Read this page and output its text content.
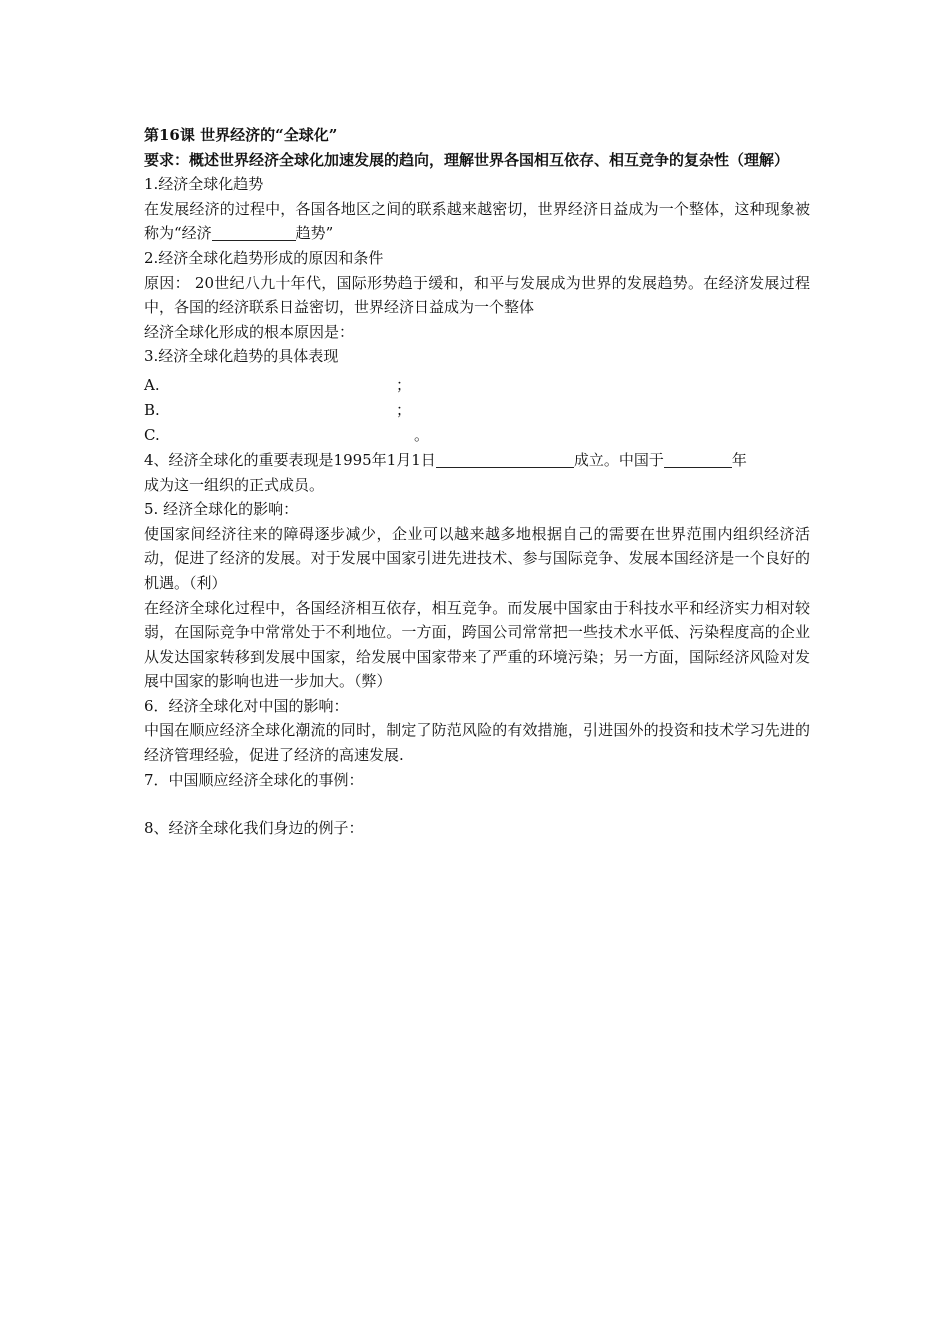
第16课 世界经济的“全球化”
要求：概述世界经济全球化加速发展的趋向，理解世界各国相互依存、相互竞争的复杂性（理解）
1.经济全球化趋势
在发展经济的过程中，各国各地区之间的联系越来越密切，世界经济日益成为一个整体，这种现象被称为“经济	趋势”
2.经济全球化趋势形成的原因和条件
原因： 20世纪八九十年代，国际形势趋于缓和，和平与发展成为世界的发展趋势。在经济发展过程中，各国的经济联系日益密切，世界经济日益成为一个整体
经济全球化形成的根本原因是：
3.经济全球化趋势的具体表现
A.	；
B.	；
C.	。
4、经济全球化的重要表现是1995年1月1日	成立。中国于	年
成为这一组织的正式成员。
5. 经济全球化的影响：
使国家间经济往来的障碍逐步减少，企业可以越来越多地根据自己的需要在世界范围内组织经济活动，促进了经济的发展。对于发展中国家引进先进技术、参与国际竞争、发展本国经济是一个良好的机遇。（利）
在经济全球化过程中，各国经济相互依存，相互竞争。而发展中国家由于科技水平和经济实力相对较弱，在国际竞争中常常处于不利地位。一方面，跨国公司常常把一些技术水平低、污染程度高的企业从发达国家转移到发展中国家，给发展中国家带来了严重的环境污染；另一方面，国际经济风险对发展中国家的影响也进一步加大。（弊）
6．经济全球化对中国的影响：
中国在顺应经济全球化潮流的同时，制定了防范风险的有效措施，引进国外的投资和技术学习先进的经济管理经验，促进了经济的高速发展.
7．中国顺应经济全球化的事例：
8、经济全球化我们身边的例子：
